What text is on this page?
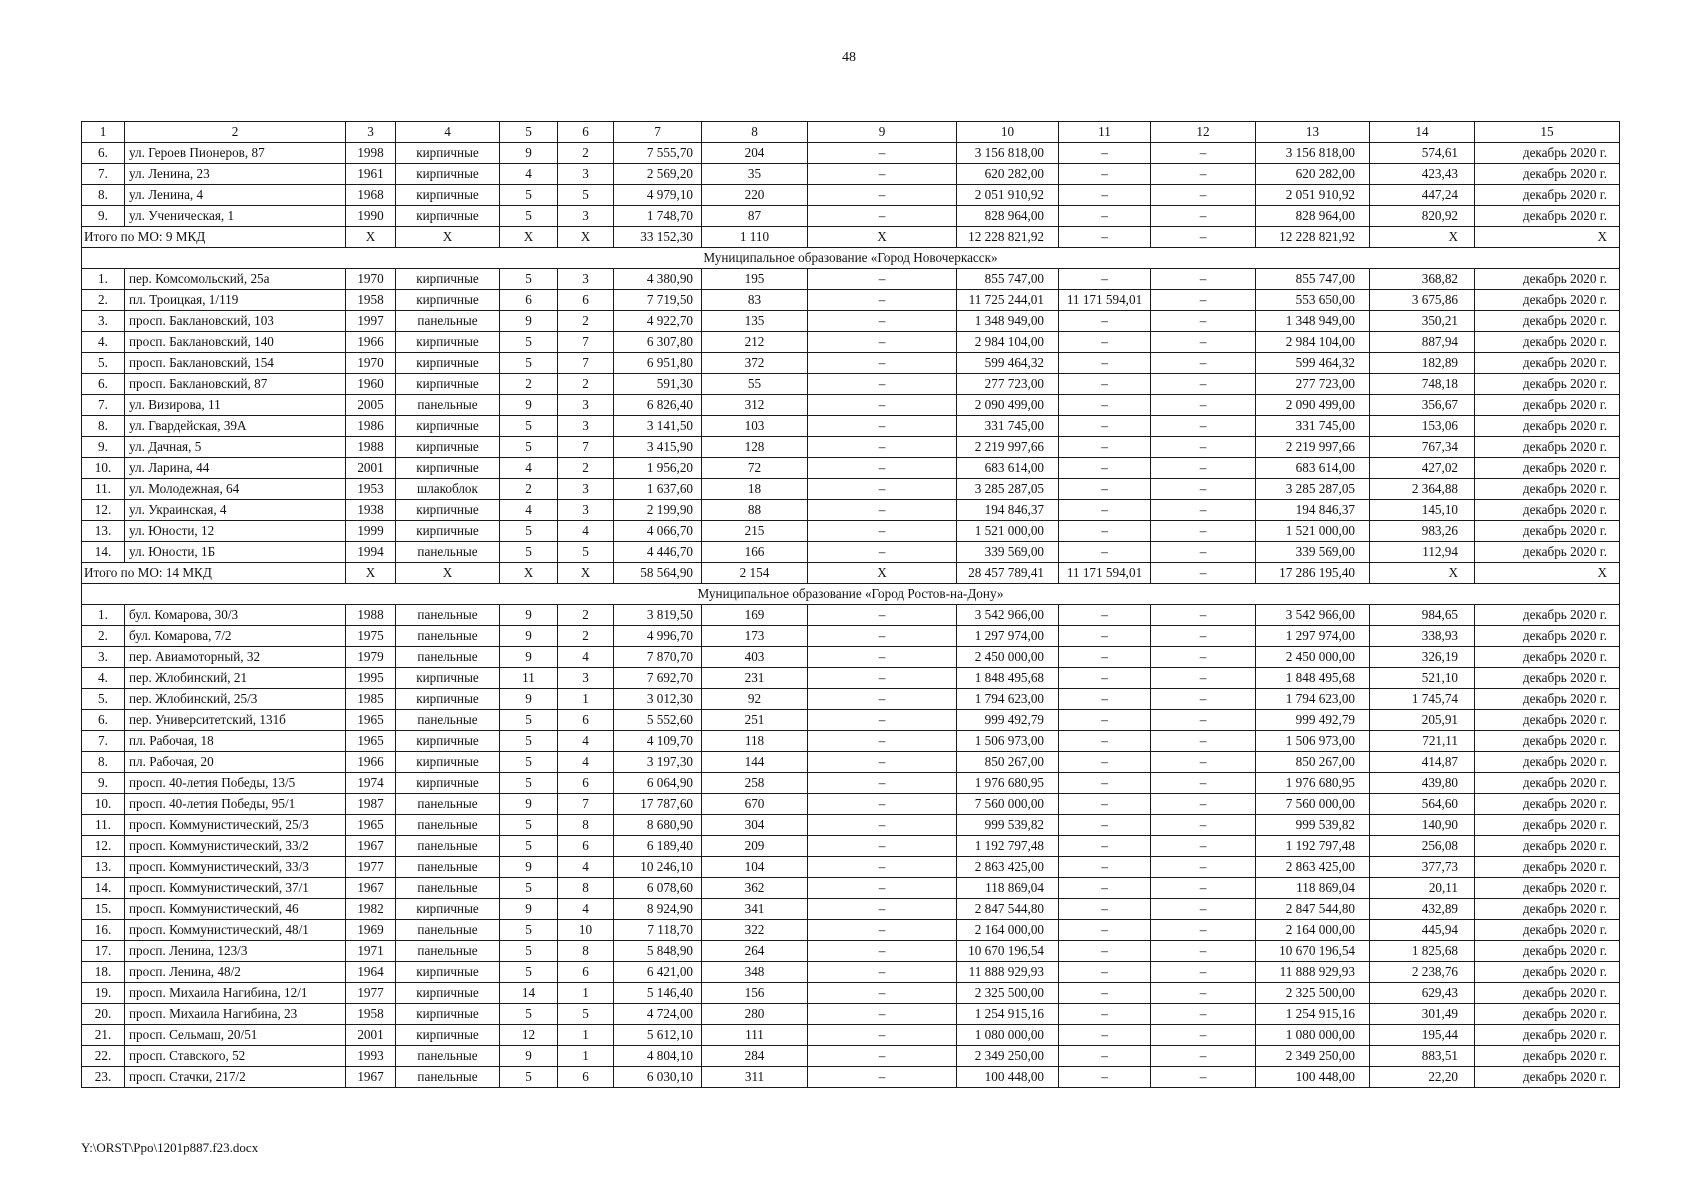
48
1	2	3	4	5	6	7	8	9	10	11	12	13	14	15
6.	ул. Героев Пионеров, 87	1998	кирпичные	9	2	7 555,70	204	–	3 156 818,00	–	–	3 156 818,00	574,61	декабрь 2020 г.
7.	ул. Ленина, 23	1961	кирпичные	4	3	2 569,20	35	–	620 282,00	–	–	620 282,00	423,43	декабрь 2020 г.
8.	ул. Ленина, 4	1968	кирпичные	5	5	4 979,10	220	–	2 051 910,92	–	–	2 051 910,92	447,24	декабрь 2020 г.
9.	ул. Ученическая, 1	1990	кирпичные	5	3	1 748,70	87	–	828 964,00	–	–	828 964,00	820,92	декабрь 2020 г.
Итого по МО: 9 МКД		X	X	X	X	33 152,30	1 110	X	12 228 821,92	–	–	12 228 821,92	X	X
Муниципальное образование «Город Новочеркасск»														
1.	пер. Комсомольский, 25а	1970	кирпичные	5	3	4 380,90	195	–	855 747,00	–	–	855 747,00	368,82	декабрь 2020 г.
2.	пл. Троицкая, 1/119	1958	кирпичные	6	6	7 719,50	83	–	11 725 244,01	11 171 594,01	–	553 650,00	3 675,86	декабрь 2020 г.
3.	просп. Баклановский, 103	1997	панельные	9	2	4 922,70	135	–	1 348 949,00	–	–	1 348 949,00	350,21	декабрь 2020 г.
4.	просп. Баклановский, 140	1966	кирпичные	5	7	6 307,80	212	–	2 984 104,00	–	–	2 984 104,00	887,94	декабрь 2020 г.
5.	просп. Баклановский, 154	1970	кирпичные	5	7	6 951,80	372	–	599 464,32	–	–	599 464,32	182,89	декабрь 2020 г.
6.	просп. Баклановский, 87	1960	кирпичные	2	2	591,30	55	–	277 723,00	–	–	277 723,00	748,18	декабрь 2020 г.
7.	ул. Визирова, 11	2005	панельные	9	3	6 826,40	312	–	2 090 499,00	–	–	2 090 499,00	356,67	декабрь 2020 г.
8.	ул. Гвардейская, 39А	1986	кирпичные	5	3	3 141,50	103	–	331 745,00	–	–	331 745,00	153,06	декабрь 2020 г.
9.	ул. Дачная, 5	1988	кирпичные	5	7	3 415,90	128	–	2 219 997,66	–	–	2 219 997,66	767,34	декабрь 2020 г.
10.	ул. Ларина, 44	2001	кирпичные	4	2	1 956,20	72	–	683 614,00	–	–	683 614,00	427,02	декабрь 2020 г.
11.	ул. Молодежная, 64	1953	шлакоблок	2	3	1 637,60	18	–	3 285 287,05	–	–	3 285 287,05	2 364,88	декабрь 2020 г.
12.	ул. Украинская, 4	1938	кирпичные	4	3	2 199,90	88	–	194 846,37	–	–	194 846,37	145,10	декабрь 2020 г.
13.	ул. Юности, 12	1999	кирпичные	5	4	4 066,70	215	–	1 521 000,00	–	–	1 521 000,00	983,26	декабрь 2020 г.
14.	ул. Юности, 1Б	1994	панельные	5	5	4 446,70	166	–	339 569,00	–	–	339 569,00	112,94	декабрь 2020 г.
Итого по МО: 14 МКД		X	X	X	X	58 564,90	2 154	X	28 457 789,41	11 171 594,01	–	17 286 195,40	X	X
Муниципальное образование «Город Ростов-на-Дону»														
1.	бул. Комарова, 30/3	1988	панельные	9	2	3 819,50	169	–	3 542 966,00	–	–	3 542 966,00	984,65	декабрь 2020 г.
2.	бул. Комарова, 7/2	1975	панельные	9	2	4 996,70	173	–	1 297 974,00	–	–	1 297 974,00	338,93	декабрь 2020 г.
3.	пер. Авиамоторный, 32	1979	панельные	9	4	7 870,70	403	–	2 450 000,00	–	–	2 450 000,00	326,19	декабрь 2020 г.
4.	пер. Жлобинский, 21	1995	кирпичные	11	3	7 692,70	231	–	1 848 495,68	–	–	1 848 495,68	521,10	декабрь 2020 г.
5.	пер. Жлобинский, 25/3	1985	кирпичные	9	1	3 012,30	92	–	1 794 623,00	–	–	1 794 623,00	1 745,74	декабрь 2020 г.
6.	пер. Университетский, 131б	1965	панельные	5	6	5 552,60	251	–	999 492,79	–	–	999 492,79	205,91	декабрь 2020 г.
7.	пл. Рабочая, 18	1965	кирпичные	5	4	4 109,70	118	–	1 506 973,00	–	–	1 506 973,00	721,11	декабрь 2020 г.
8.	пл. Рабочая, 20	1966	кирпичные	5	4	3 197,30	144	–	850 267,00	–	–	850 267,00	414,87	декабрь 2020 г.
9.	просп. 40-летия Победы, 13/5	1974	кирпичные	5	6	6 064,90	258	–	1 976 680,95	–	–	1 976 680,95	439,80	декабрь 2020 г.
10.	просп. 40-летия Победы, 95/1	1987	панельные	9	7	17 787,60	670	–	7 560 000,00	–	–	7 560 000,00	564,60	декабрь 2020 г.
11.	просп. Коммунистический, 25/3	1965	панельные	5	8	8 680,90	304	–	999 539,82	–	–	999 539,82	140,90	декабрь 2020 г.
12.	просп. Коммунистический, 33/2	1967	панельные	5	6	6 189,40	209	–	1 192 797,48	–	–	1 192 797,48	256,08	декабрь 2020 г.
13.	просп. Коммунистический, 33/3	1977	панельные	9	4	10 246,10	104	–	2 863 425,00	–	–	2 863 425,00	377,73	декабрь 2020 г.
14.	просп. Коммунистический, 37/1	1967	панельные	5	8	6 078,60	362	–	118 869,04	–	–	118 869,04	20,11	декабрь 2020 г.
15.	просп. Коммунистический, 46	1982	кирпичные	9	4	8 924,90	341	–	2 847 544,80	–	–	2 847 544,80	432,89	декабрь 2020 г.
16.	просп. Коммунистический, 48/1	1969	панельные	5	10	7 118,70	322	–	2 164 000,00	–	–	2 164 000,00	445,94	декабрь 2020 г.
17.	просп. Ленина, 123/3	1971	панельные	5	8	5 848,90	264	–	10 670 196,54	–	–	10 670 196,54	1 825,68	декабрь 2020 г.
18.	просп. Ленина, 48/2	1964	кирпичные	5	6	6 421,00	348	–	11 888 929,93	–	–	11 888 929,93	2 238,76	декабрь 2020 г.
19.	просп. Михаила Нагибина, 12/1	1977	кирпичные	14	1	5 146,40	156	–	2 325 500,00	–	–	2 325 500,00	629,43	декабрь 2020 г.
20.	просп. Михаила Нагибина, 23	1958	кирпичные	5	5	4 724,00	280	–	1 254 915,16	–	–	1 254 915,16	301,49	декабрь 2020 г.
21.	просп. Сельмаш, 20/51	2001	кирпичные	12	1	5 612,10	111	–	1 080 000,00	–	–	1 080 000,00	195,44	декабрь 2020 г.
22.	просп. Ставского, 52	1993	панельные	9	1	4 804,10	284	–	2 349 250,00	–	–	2 349 250,00	883,51	декабрь 2020 г.
23.	просп. Стачки, 217/2	1967	панельные	5	6	6 030,10	311	–	100 448,00	–	–	100 448,00	22,20	декабрь 2020 г.
Y:\ORST\Ppo\1201p887.f23.docx
